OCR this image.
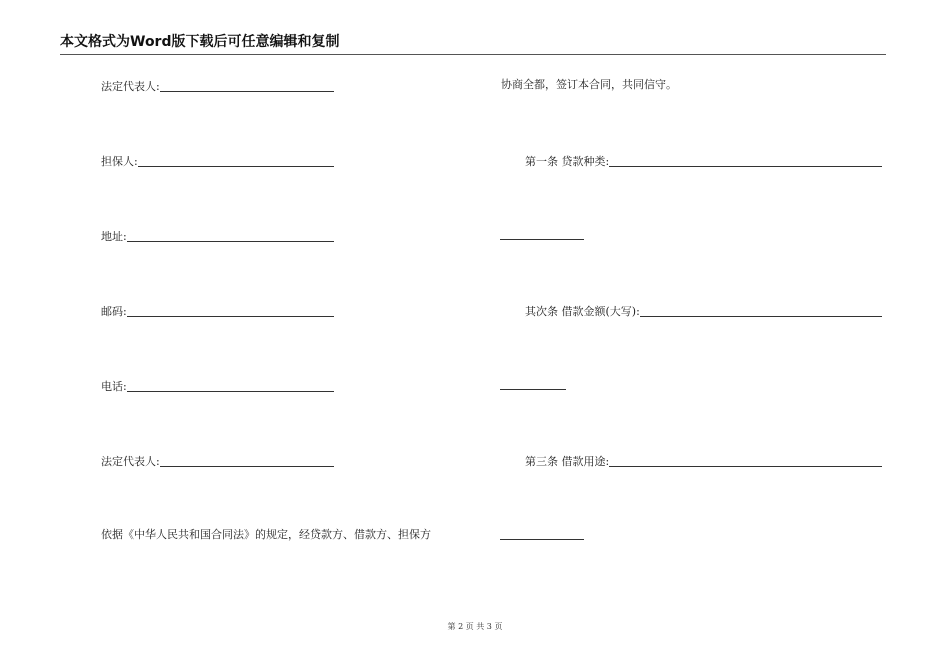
本文格式为Word版下载后可任意编辑和复制
法定代表人:
担保人:
地址:
邮码:
电话:
法定代表人:
依据《中华人民共和国合同法》的规定，经贷款方、借款方、担保方
协商全都，签订本合同，共同信守。
第一条 贷款种类:
其次条 借款金额(大写):
第三条 借款用途:
第 2 页 共 3 页
